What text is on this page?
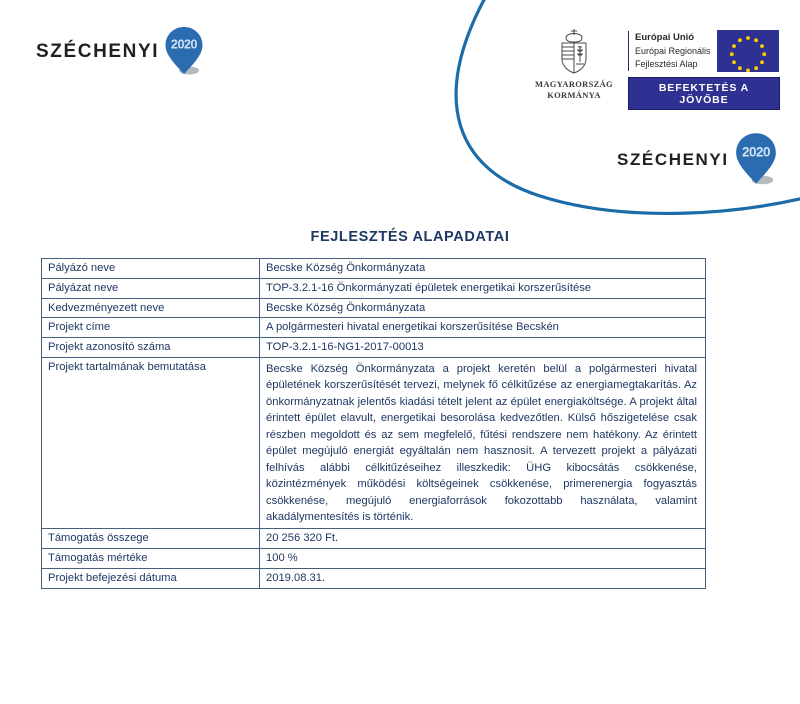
SZÉCHENYI 2020
MAGYARORSZÁG
KORMÁNYA
Európai Unió
Európai Regionális
Fejlesztési Alap
BEFEKTETÉS A JÖVŐBE
SZÉCHENYI 2020
FEJLESZTÉS ALAPADATAI
Pályázó neve	Becske Község Önkormányzata
Pályázat neve	TOP-3.2.1-16 Önkormányzati épületek energetikai korszerűsítése
Kedvezményezett neve	Becske Község Önkormányzata
Projekt címe	A polgármesteri hivatal energetikai korszerűsítése Becskén
Projekt azonosító száma	TOP-3.2.1-16-NG1-2017-00013
Projekt tartalmának bemutatása	Becske Község Önkormányzata a projekt keretén belül a polgármesteri hivatal épületének korszerűsítését tervezi, melynek fő célkitűzése az energiamegtakarítás. Az önkormányzatnak jelentős kiadási tételt jelent az épület energiaköltsége. A projekt által érintett épület elavult, energetikai besorolása kedvezőtlen. Külső hőszigetelése csak részben megoldott és az sem megfelelő, fűtési rendszere nem hatékony. Az érintett épület megújuló energiát egyáltalán nem hasznosít. A tervezett projekt a pályázati felhívás alábbi célkitűzéseihez illeszkedik: ÜHG kibocsátás csökkenése, közintézmények működési költségeinek csökkenése, primerenergia fogyasztás csökkenése, megújuló energiaforrások fokozottabb használata, valamint akadálymentesítés is történik.
Támogatás összege	20 256 320 Ft.
Támogatás mértéke	100 %
Projekt befejezési dátuma	2019.08.31.
